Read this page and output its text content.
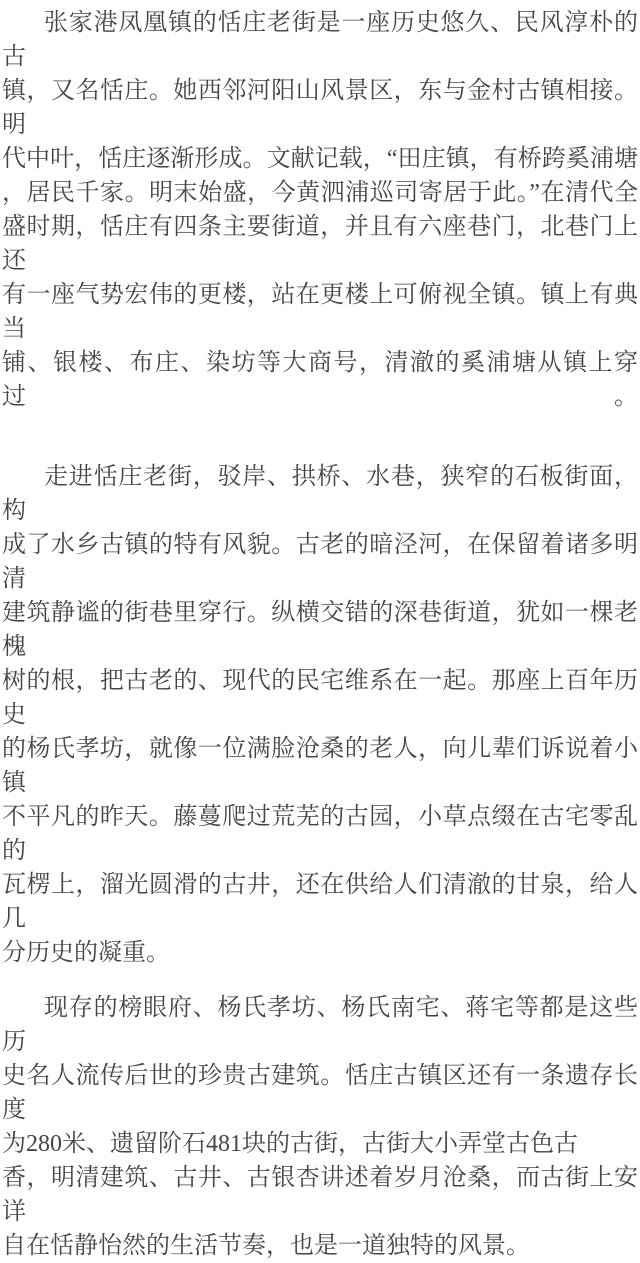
张家港凤凰镇的恬庄老街是一座历史悠久、民风淳朴的古
镇，又名恬庄。她西邻河阳山风景区，东与金村古镇相接。明
代中叶，恬庄逐渐形成。文献记载，“田庄镇，有桥跨奚浦塘
，居民千家。明末始盛，今黄泗浦巡司寄居于此。”在清代全
盛时期，恬庄有四条主要街道，并且有六座巷门，北巷门上还
有一座气势宏伟的更楼，站在更楼上可俯视全镇。镇上有典当
铺、银楼、布庄、染坊等大商号，清澈的奚浦塘从镇上穿过。
走进恬庄老街，驳岸、拱桥、水巷，狭窄的石板街面，构
成了水乡古镇的特有风貌。古老的暗泾河，在保留着诸多明清
建筑静谧的街巷里穿行。纵横交错的深巷街道，犹如一棵老槐
树的根，把古老的、现代的民宅维系在一起。那座上百年历史
的杨氏孝坊，就像一位满脸沧桑的老人，向儿辈们诉说着小镇
不平凡的昨天。藤蔓爬过荒芜的古园，小草点缀在古宅零乱的
瓦楞上，溜光圆滑的古井，还在供给人们清澈的甘泉，给人几
分历史的凝重。
现存的榜眼府、杨氏孝坊、杨氏南宅、蒋宅等都是这些历
史名人流传后世的珍贵古建筑。恬庄古镇区还有一条遗存长度
为280米、遗留阶石481块的古街，古街大小弄堂古色古
香，明清建筑、古井、古银杏讲述着岁月沧桑，而古街上安详
自在恬静怡然的生活节奏，也是一道独特的风景。
